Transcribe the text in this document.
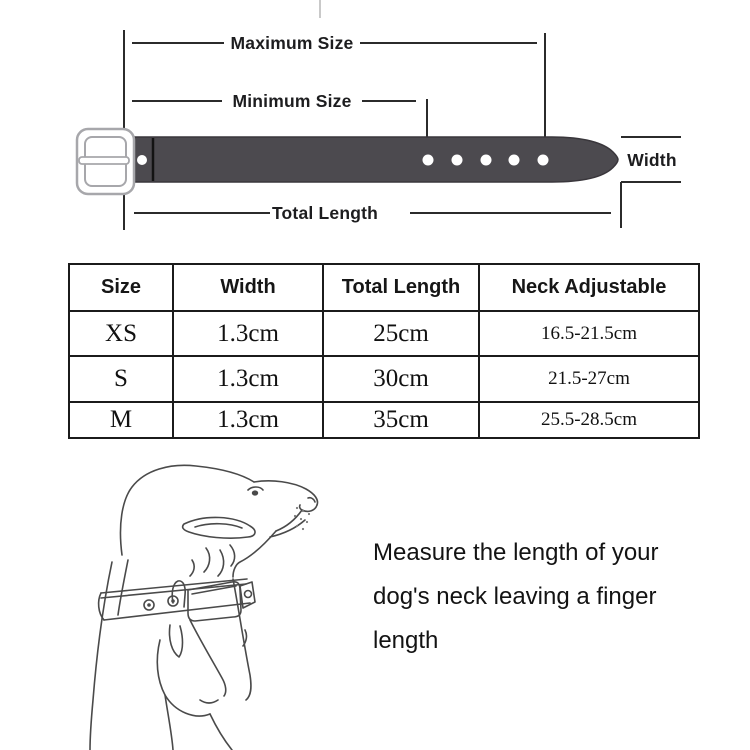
Maximum Size
Minimum Size
Width
Total Length
Size	Width	Total Length	Neck Adjustable
XS	1.3cm	25cm	16.5-21.5cm
S	1.3cm	30cm	21.5-27cm
M	1.3cm	35cm	25.5-28.5cm
Measure the length of your
dog's neck leaving a finger
length
